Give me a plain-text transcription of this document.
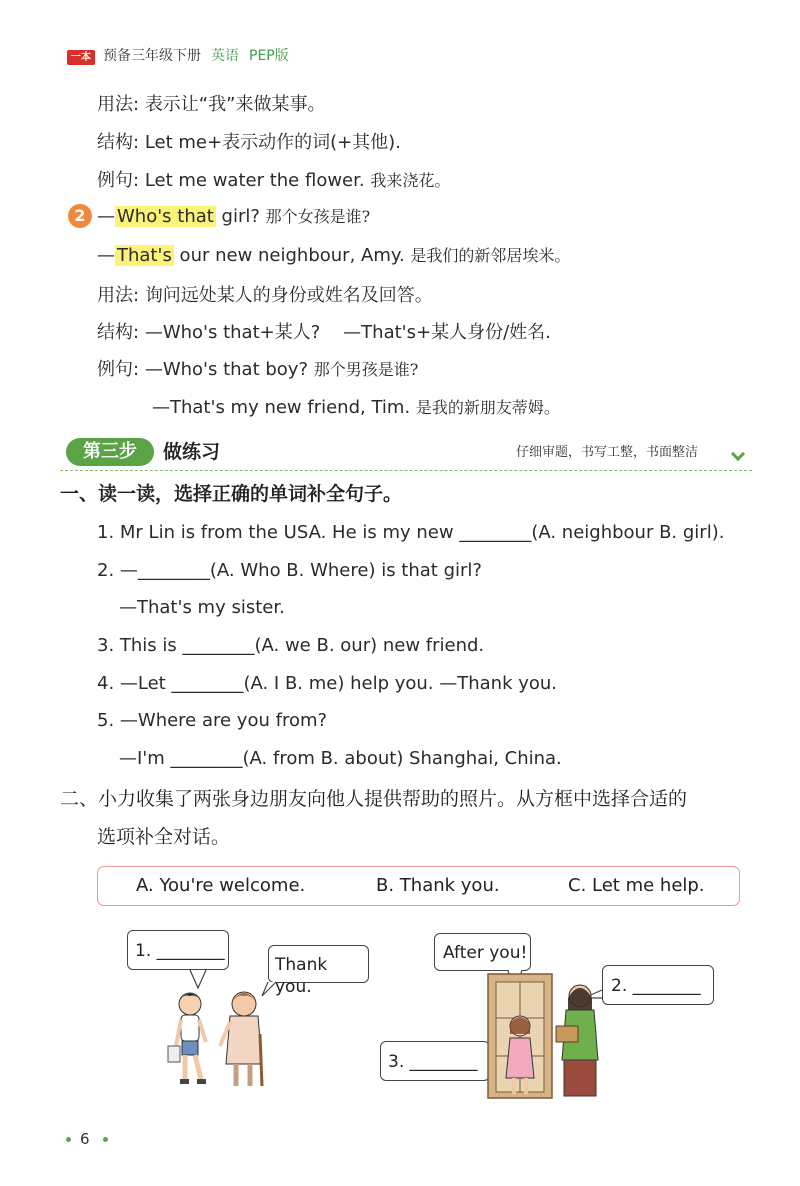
一本 预备三年级下册 英语 PEP版
用法: 表示让“我”来做某事。
结构: Let me+表示动作的词(+其他).
例句: Let me water the flower. 我来浇花。
2 — Who's that girl? 那个女孩是谁?
— That's our new neighbour, Amy. 是我们的新邻居埃米。
用法: 询问远处某人的身份或姓名及回答。
结构: —Who's that+某人? —That's+某人身份/姓名.
例句: —Who's that boy? 那个男孩是谁?
—That's my new friend, Tim. 是我的新朋友蒂姆。
第三步	做练习	仔细审题，书写工整，书面整洁
一、读一读，选择正确的单词补全句子。
1. Mr Lin is from the USA. He is my new ________(A. neighbour B. girl).
2. —________(A. Who B. Where) is that girl?
—That's my sister.
3. This is ________(A. we B. our) new friend.
4. —Let ________(A. I B. me) help you. —Thank you.
5. —Where are you from?
—I'm ________(A. from B. about) Shanghai, China.
二、小力收集了两张身边朋友向他人提供帮助的照片。从方框中选择合适的
选项补全对话。
A. You're welcome.	B. Thank you.	C. Let me help.
1. ________
Thank you.
After you!
2. ________
3. ________
6
